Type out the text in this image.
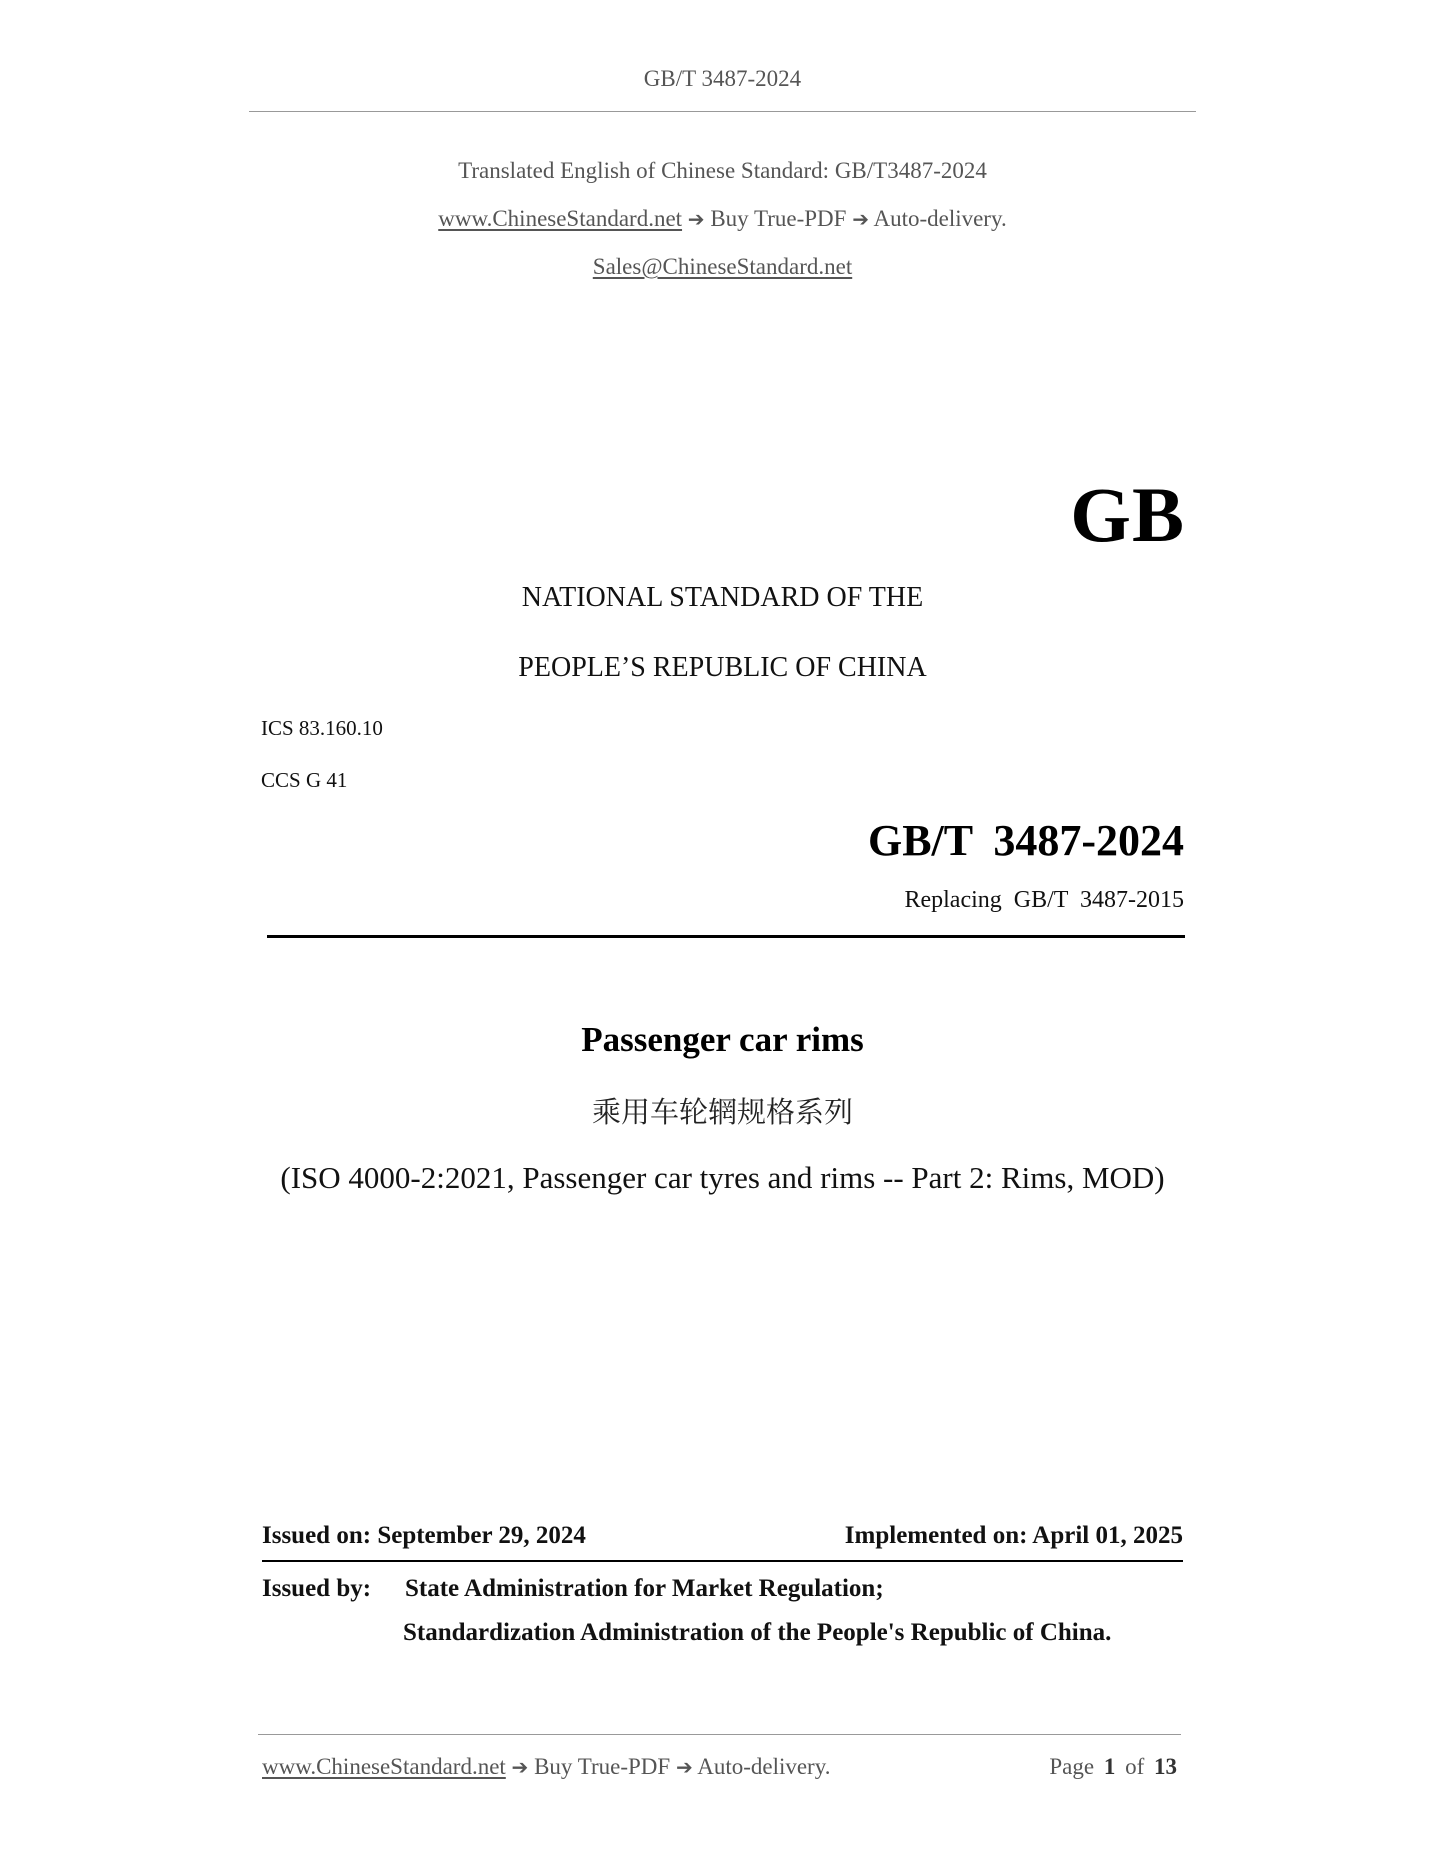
GB/T 3487-2024
Translated English of Chinese Standard: GB/T3487-2024
www.ChineseStandard.net ➔ Buy True-PDF ➔ Auto-delivery.
Sales@ChineseStandard.net
GB
NATIONAL STANDARD OF THE
PEOPLE’S REPUBLIC OF CHINA
ICS 83.160.10
CCS G 41
GB/T 3487-2024
Replacing GB/T 3487-2015
Passenger car rims
乘用车轮辋规格系列
(ISO 4000-2:2021, Passenger car tyres and rims -- Part 2: Rims, MOD)
Issued on: September 29, 2024	Implemented on: April 01, 2025
Issued by: State Administration for Market Regulation;
Standardization Administration of the People's Republic of China.
www.ChineseStandard.net ➔ Buy True-PDF ➔ Auto-delivery.	Page 1 of 13
